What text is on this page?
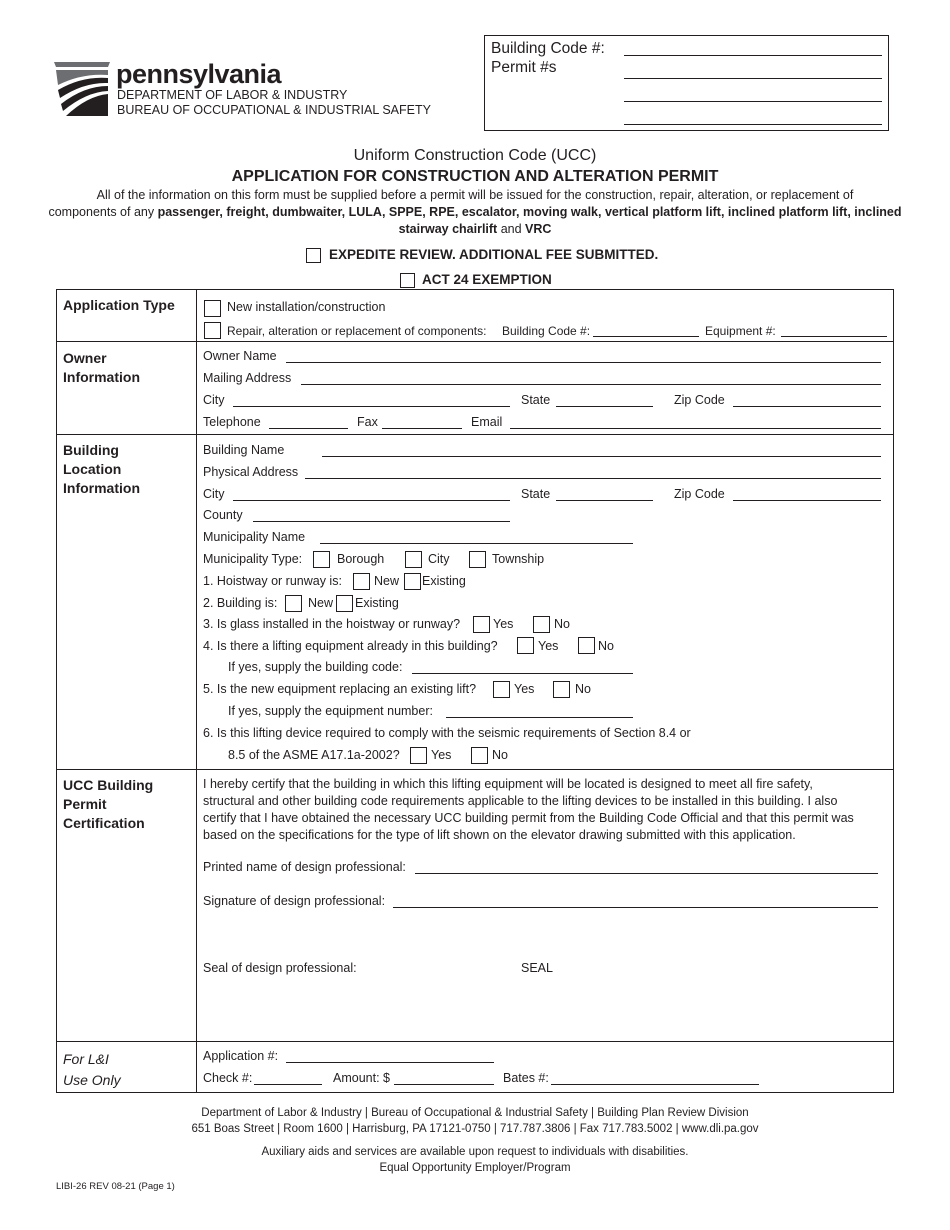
pennsylvania
DEPARTMENT OF LABOR & INDUSTRY
BUREAU OF OCCUPATIONAL & INDUSTRIAL SAFETY
Building Code #:
Permit #s
Uniform Construction Code (UCC)
APPLICATION FOR CONSTRUCTION AND ALTERATION PERMIT
All of the information on this form must be supplied before a permit will be issued for the construction, repair, alteration, or replacement of
components of any passenger, freight, dumbwaiter, LULA, SPPE, RPE, escalator, moving walk, vertical platform lift, inclined platform lift, inclined
stairway chairlift and VRC
EXPEDITE REVIEW. ADDITIONAL FEE SUBMITTED.
ACT 24 EXEMPTION
Application Type	New installation/construction
Repair, alteration or replacement of components: Building Code #:	Equipment #:
Owner
Information
Owner Name
Mailing Address
City	State	Zip Code
Telephone	Fax	Email
Building
Location
Information
Building Name
Physical Address
City	State	Zip Code
County
Municipality Name
Municipality Type:	Borough	City	Township
1. Hoistway or runway is:	New Existing
2. Building is: New Existing
3. Is glass installed in the hoistway or runway?	Yes	No
4. Is there a lifting equipment already in this building?	Yes	No
If yes, supply the building code:
5. Is the new equipment replacing an existing lift?	Yes	No
If yes, supply the equipment number:
6. Is this lifting device required to comply with the seismic requirements of Section 8.4 or
8.5 of the ASME A17.1a-2002?	Yes	No
UCC Building
Permit
Certification
I hereby certify that the building in which this lifting equipment will be located is designed to meet all fire safety,
structural and other building code requirements applicable to the lifting devices to be installed in this building. I also
certify that I have obtained the necessary UCC building permit from the Building Code Official and that this permit was
based on the specifications for the type of lift shown on the elevator drawing submitted with this application.
Printed name of design professional:
Signature of design professional:
Seal of design professional:	SEAL
For L&I
Use Only
Application #:
Check #:	Amount: $	Bates #:
Department of Labor & Industry | Bureau of Occupational & Industrial Safety | Building Plan Review Division
651 Boas Street | Room 1600 | Harrisburg, PA 17121-0750 | 717.787.3806 | Fax 717.783.5002 | www.dli.pa.gov
Auxiliary aids and services are available upon request to individuals with disabilities.
Equal Opportunity Employer/Program
LIBI-26 REV 08-21 (Page 1)
